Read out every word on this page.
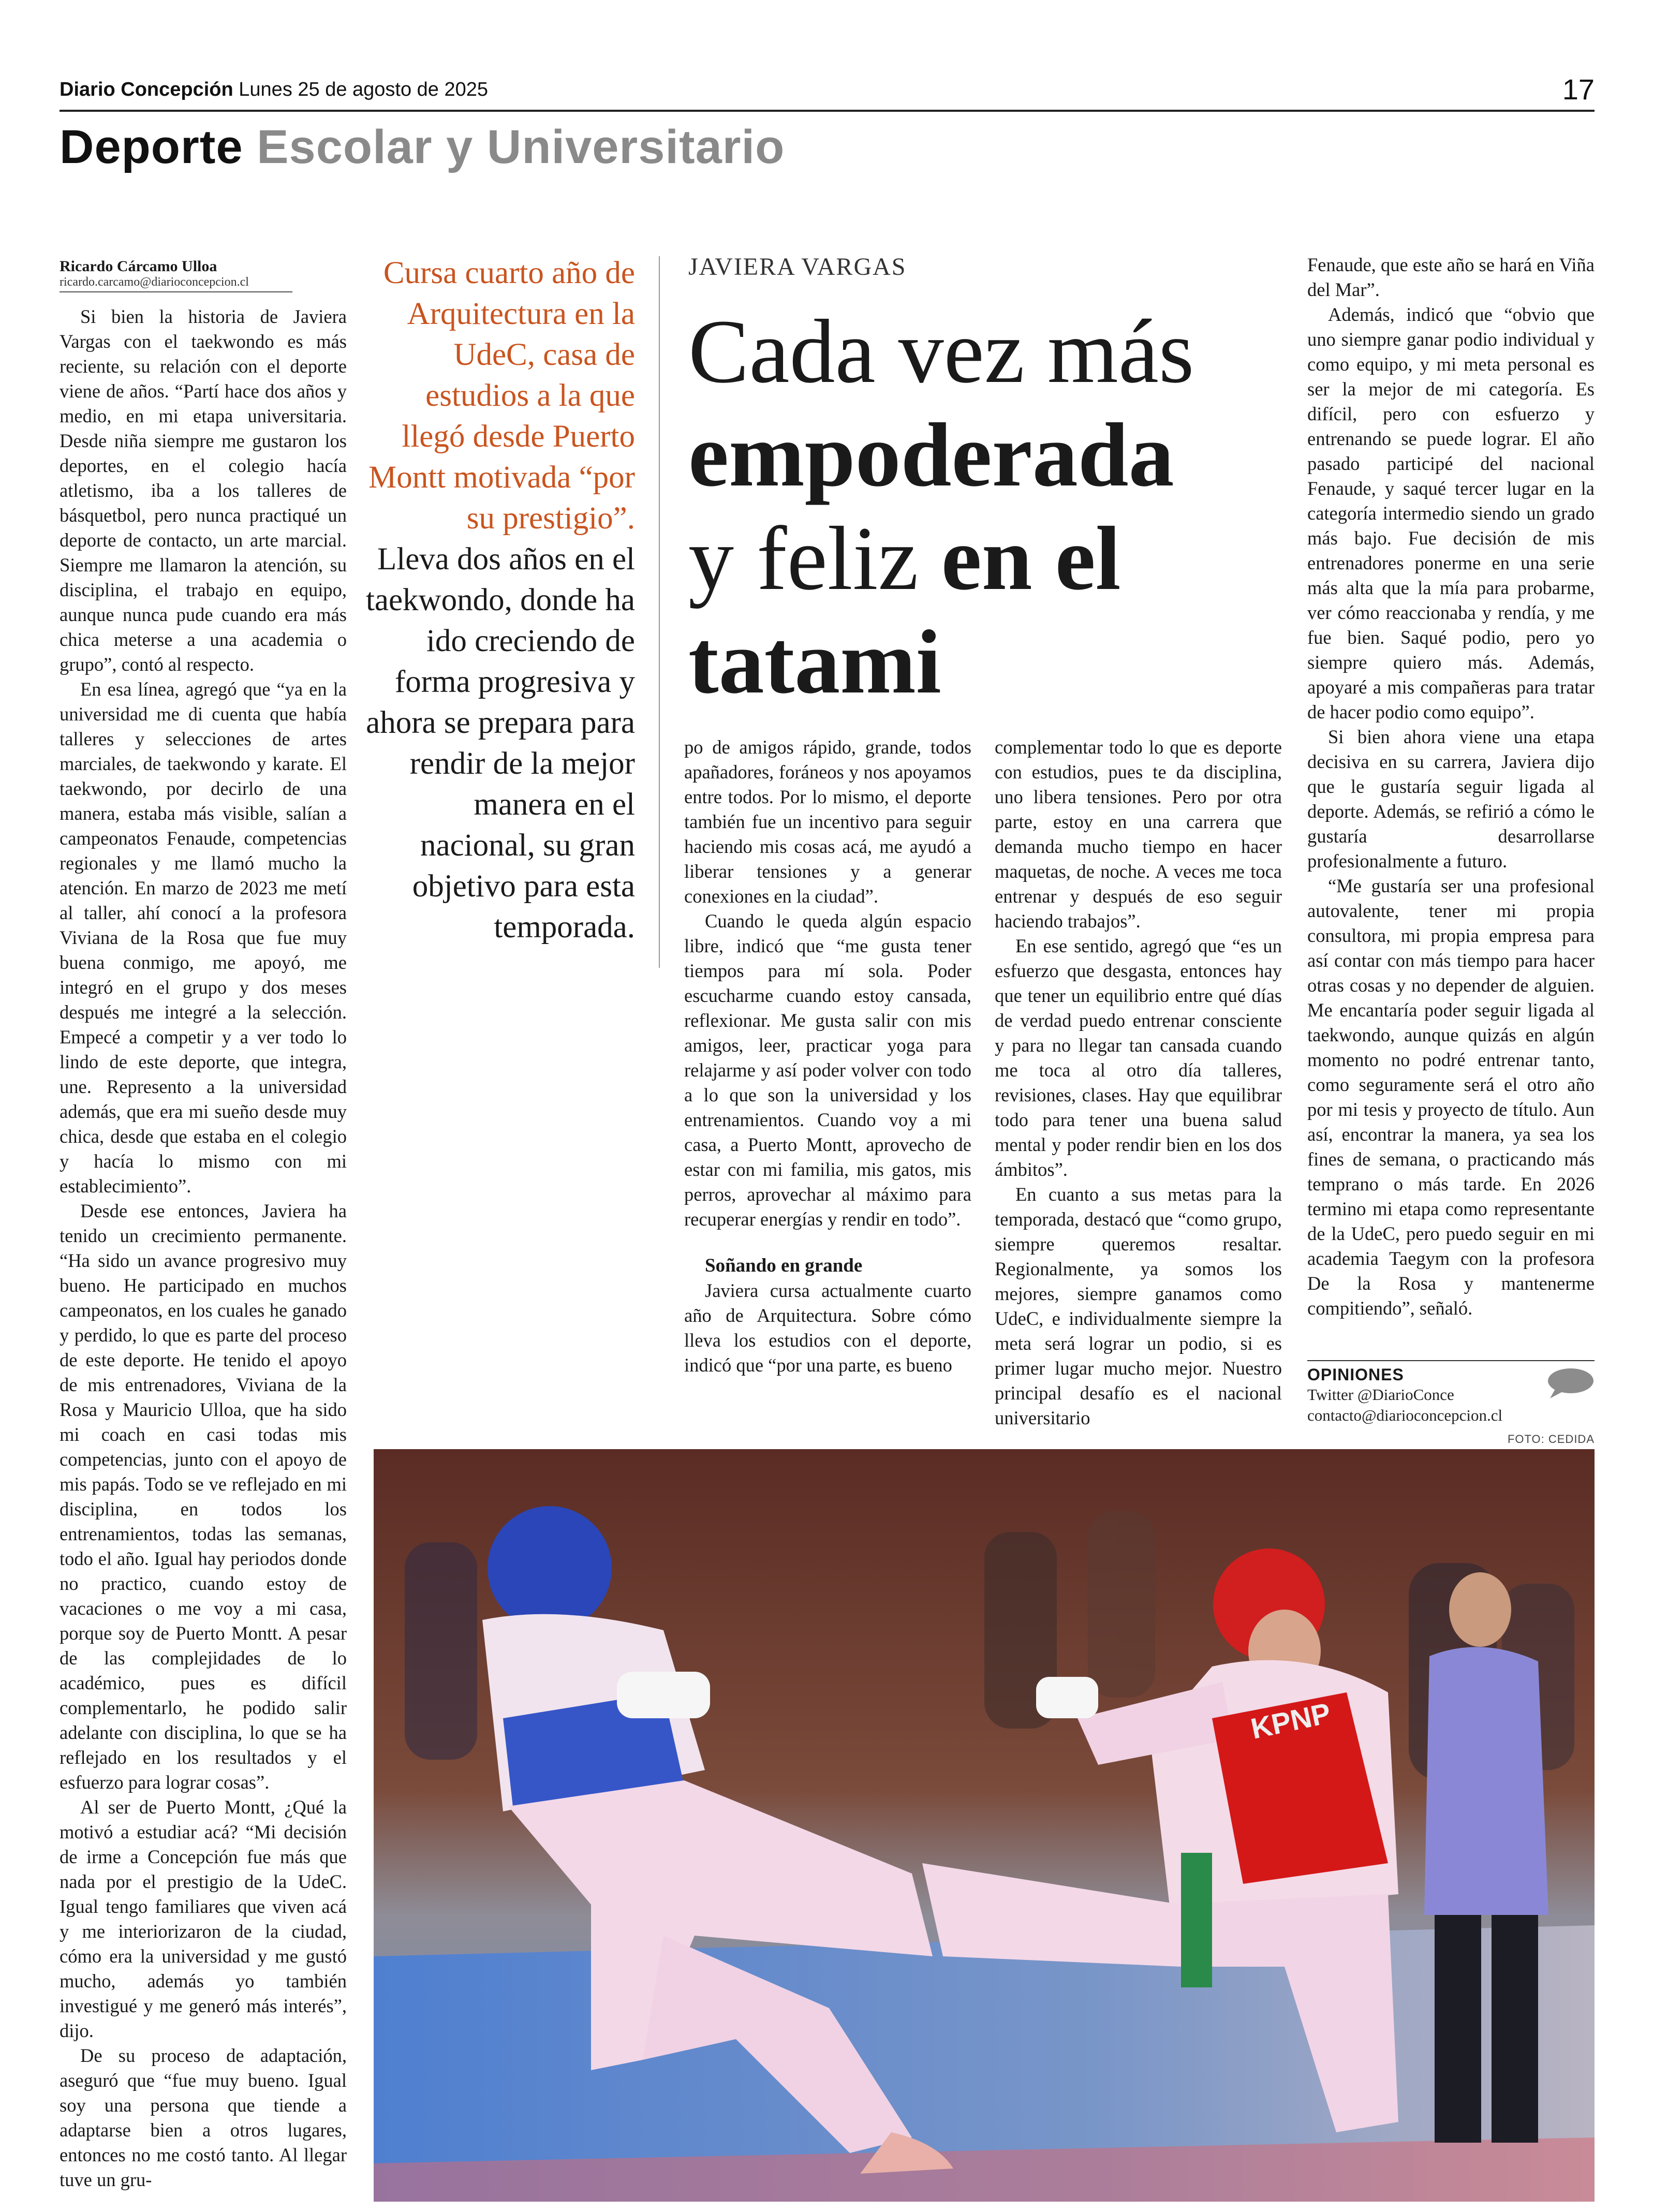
Diario Concepción Lunes 25 de agosto de 2025	17
Deporte Escolar y Universitario
Ricardo Cárcamo Ulloa
ricardo.carcamo@diarioconcepcion.cl

Si bien la historia de Javiera Vargas con el taekwondo es más reciente, su relación con el deporte viene de años. “Partí hace dos años y medio, en mi etapa universitaria. Desde niña siempre me gustaron los deportes, en el colegio hacía atletismo, iba a los talleres de básquetbol, pero nunca practiqué un deporte de contacto, un arte marcial. Siempre me llamaron la atención, su disciplina, el trabajo en equipo, aunque nunca pude cuando era más chica meterse a una academia o grupo”, contó al respecto.

En esa línea, agregó que “ya en la universidad me di cuenta que había talleres y selecciones de artes marciales, de taekwondo y karate. El taekwondo, por decirlo de una manera, estaba más visible, salían a campeonatos Fenaude, competencias regionales y me llamó mucho la atención. En marzo de 2023 me metí al taller, ahí conocí a la profesora Viviana de la Rosa que fue muy buena conmigo, me apoyó, me integró en el grupo y dos meses después me integré a la selección. Empecé a competir y a ver todo lo lindo de este deporte, que integra, une. Represento a la universidad además, que era mi sueño desde muy chica, desde que estaba en el colegio y hacía lo mismo con mi establecimiento”.

Desde ese entonces, Javiera ha tenido un crecimiento permanente. “Ha sido un avance progresivo muy bueno. He participado en muchos campeonatos, en los cuales he ganado y perdido, lo que es parte del proceso de este deporte. He tenido el apoyo de mis entrenadores, Viviana de la Rosa y Mauricio Ulloa, que ha sido mi coach en casi todas mis competencias, junto con el apoyo de mis papás. Todo se ve reflejado en mi disciplina, en todos los entrenamientos, todas las semanas, todo el año. Igual hay periodos donde no practico, cuando estoy de vacaciones o me voy a mi casa, porque soy de Puerto Montt. A pesar de las complejidades de lo académico, pues es difícil complementarlo, he podido salir adelante con disciplina, lo que se ha reflejado en los resultados y el esfuerzo para lograr cosas”.

Al ser de Puerto Montt, ¿Qué la motivó a estudiar acá? “Mi decisión de irme a Concepción fue más que nada por el prestigio de la UdeC. Igual tengo familiares que viven acá y me interiorizaron de la ciudad, cómo era la universidad y me gustó mucho, además yo también investigué y me generó más interés”, dijo.

De su proceso de adaptación, aseguró que “fue muy bueno. Igual soy una persona que tiende a adaptarse bien a otros lugares, entonces no me costó tanto. Al llegar tuve un gru-

Cursa cuarto año de Arquitectura en la UdeC, casa de estudios a la que llegó desde Puerto Montt motivada “por su prestigio”.
Lleva dos años en el taekwondo, donde ha ido creciendo de forma progresiva y ahora se prepara para rendir de la mejor manera en el nacional, su gran objetivo para esta temporada.
JAVIERA VARGAS
Cada vez más
empoderada
y feliz en el
tatami

po de amigos rápido, grande, todos apañadores, foráneos y nos apoyamos entre todos. Por lo mismo, el deporte también fue un incentivo para seguir haciendo mis cosas acá, me ayudó a liberar tensiones y a generar conexiones en la ciudad”.

Cuando le queda algún espacio libre, indicó que “me gusta tener tiempos para mí sola. Poder escucharme cuando estoy cansada, reflexionar. Me gusta salir con mis amigos, leer, practicar yoga para relajarme y así poder volver con todo a lo que son la universidad y los entrenamientos. Cuando voy a mi casa, a Puerto Montt, aprovecho de estar con mi familia, mis gatos, mis perros, aprovechar al máximo para recuperar energías y rendir en todo”.

Soñando en grande

Javiera cursa actualmente cuarto año de Arquitectura. Sobre cómo lleva los estudios con el deporte, indicó que “por una parte, es bueno

complementar todo lo que es deporte con estudios, pues te da disciplina, uno libera tensiones. Pero por otra parte, estoy en una carrera que demanda mucho tiempo en hacer maquetas, de noche. A veces me toca entrenar y después de eso seguir haciendo trabajos”.

En ese sentido, agregó que “es un esfuerzo que desgasta, entonces hay que tener un equilibrio entre qué días de verdad puedo entrenar consciente y para no llegar tan cansada cuando me toca al otro día talleres, revisiones, clases. Hay que equilibrar todo para tener una buena salud mental y poder rendir bien en los dos ámbitos”.

En cuanto a sus metas para la temporada, destacó que “como grupo, siempre queremos resaltar. Regionalmente, ya somos los mejores, siempre ganamos como UdeC, e individualmente siempre la meta será lograr un podio, si es primer lugar mucho mejor. Nuestro principal desafío es el nacional universitario

Fenaude, que este año se hará en Viña del Mar”.

Además, indicó que “obvio que uno siempre ganar podio individual y como equipo, y mi meta personal es ser la mejor de mi categoría. Es difícil, pero con esfuerzo y entrenando se puede lograr. El año pasado participé del nacional Fenaude, y saqué tercer lugar en la categoría intermedio siendo un grado más bajo. Fue decisión de mis entrenadores ponerme en una serie más alta que la mía para probarme, ver cómo reaccionaba y rendía, y me fue bien. Saqué podio, pero yo siempre quiero más. Además, apoyaré a mis compañeras para tratar de hacer podio como equipo”.

Si bien ahora viene una etapa decisiva en su carrera, Javiera dijo que le gustaría seguir ligada al deporte. Además, se refirió a cómo le gustaría desarrollarse profesionalmente a futuro.

“Me gustaría ser una profesional autovalente, tener mi propia consultora, mi propia empresa para así contar con más tiempo para hacer otras cosas y no depender de alguien. Me encantaría poder seguir ligada al taekwondo, aunque quizás en algún momento no podré entrenar tanto, como seguramente será el otro año por mi tesis y proyecto de título. Aun así, encontrar la manera, ya sea los fines de semana, o practicando más temprano o más tarde. En 2026 termino mi etapa como representante de la UdeC, pero puedo seguir en mi academia Taegym con la profesora De la Rosa y mantenerme compitiendo”, señaló.

OPINIONES
Twitter @DiarioConce
contacto@diarioconcepcion.cl
FOTO: CEDIDA
KPNP
